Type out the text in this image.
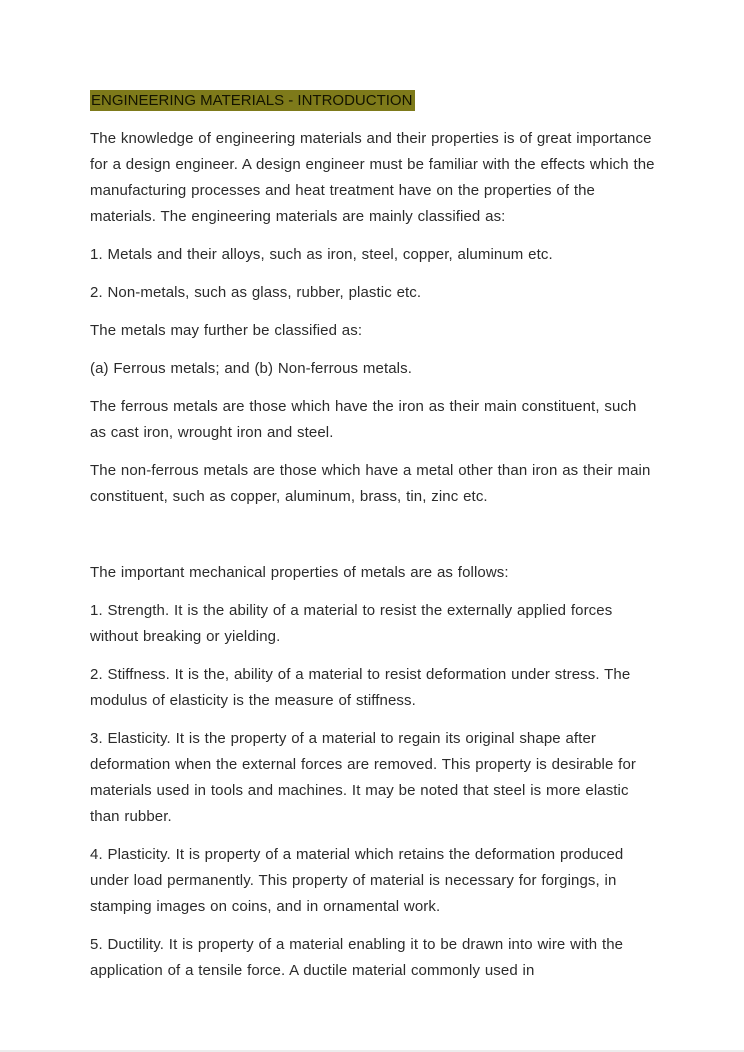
ENGINEERING MATERIALS - INTRODUCTION

The knowledge of engineering materials and their properties is of great importance for a design engineer. A design engineer must be familiar with the effects which the manufacturing processes and heat treatment have on the properties of the materials. The engineering materials are mainly classified as:

1. Metals and their alloys, such as iron, steel, copper, aluminum etc.

2. Non-metals, such as glass, rubber, plastic etc.

The metals may further be classified as:

(a) Ferrous metals; and (b) Non-ferrous metals.

The ferrous metals are those which have the iron as their main constituent, such as cast iron, wrought iron and steel.

The non-ferrous metals are those which have a metal other than iron as their main constituent, such as copper, aluminum, brass, tin, zinc etc.

The important mechanical properties of metals are as follows:

1. Strength. It is the ability of a material to resist the externally applied forces without breaking or yielding.

2. Stiffness. It is the, ability of a material to resist deformation under stress. The modulus of elasticity is the measure of stiffness.

3. Elasticity. It is the property of a material to regain its original shape after deformation when the external forces are removed. This property is desirable for materials used in tools and machines. It may be noted that steel is more elastic than rubber.

4. Plasticity. It is property of a material which retains the deformation produced under load permanently. This property of material is necessary for forgings, in stamping images on coins, and in ornamental work.

5. Ductility. It is property of a material enabling it to be drawn into wire with the application of a tensile force. A ductile material commonly used in
